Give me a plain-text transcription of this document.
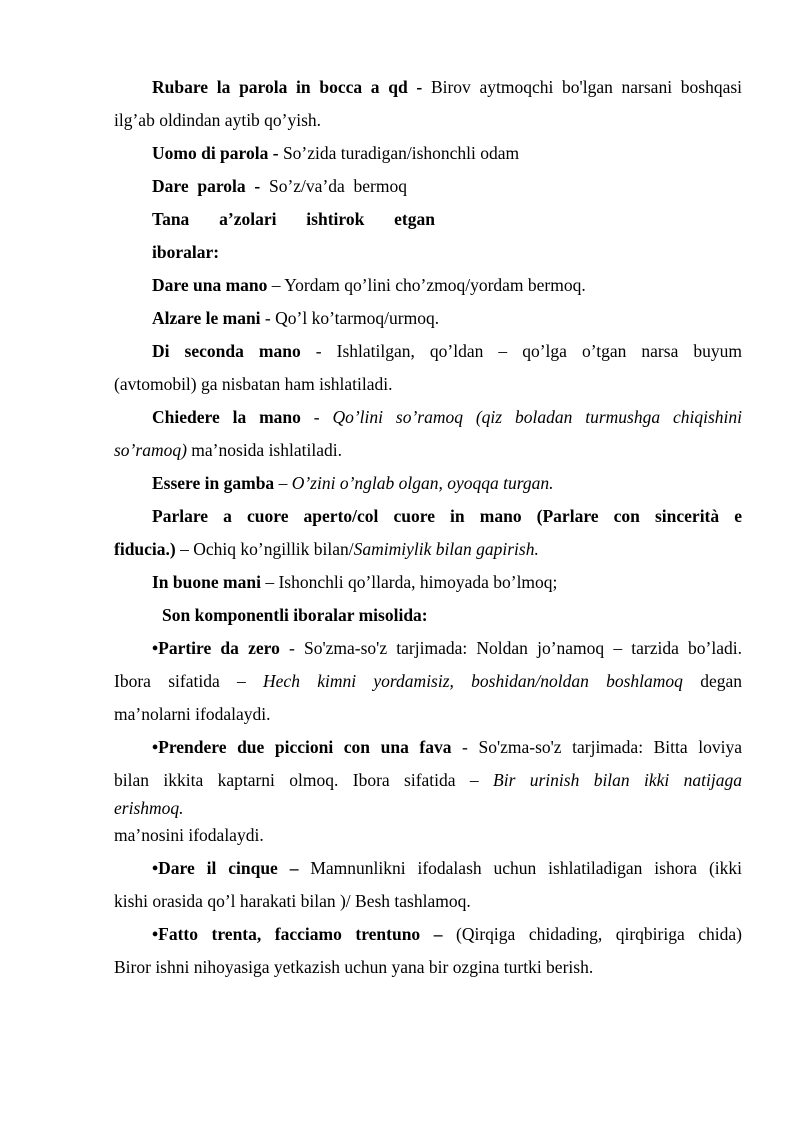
Rubare la parola in bocca a qd - Birov aytmoqchi bo'lgan narsani boshqasi
ilg’ab oldindan aytib qo’yish.
Uomo di parola - So’zida turadigan/ishonchli odam
Dare  parola  -  So’z/va’da  bermoq
Tana a’zolari ishtirok etgan
iboralar:
Dare una mano – Yordam qo’lini cho’zmoq/yordam bermoq.
Alzare le mani - Qo’l ko’tarmoq/urmoq.
Di seconda mano - Ishlatilgan, qo’ldan – qo’lga o’tgan narsa buyum
(avtomobil) ga nisbatan ham ishlatiladi.
Chiedere la mano - Qo’lini so’ramoq (qiz boladan turmushga chiqishini
so’ramoq) ma’nosida ishlatiladi.
Essere in gamba – O’zini o’nglab olgan, oyoqqa turgan.
Parlare a cuore aperto/col cuore in mano (Parlare con sincerità e
fiducia.) – Ochiq ko’ngillik bilan/Samimiylik bilan gapirish.
In buone mani – Ishonchli qo’llarda, himoyada bo’lmoq;
Son komponentli iboralar misolida:
•Partire da zero - So'zma-so'z tarjimada: Noldan jo’namoq – tarzida bo’ladi.
Ibora sifatida – Hech kimni yordamisiz, boshidan/noldan boshlamoq degan
ma’nolarni ifodalaydi.
•Prendere due piccioni con una fava - So'zma-so'z tarjimada: Bitta loviya
bilan ikkita kaptarni olmoq. Ibora sifatida – Bir urinish bilan ikki natijaga
erishmoq.
ma’nosini ifodalaydi.
•Dare il cinque – Mamnunlikni ifodalash uchun ishlatiladigan ishora (ikki
kishi orasida qo’l harakati bilan )/ Besh tashlamoq.
•Fatto trenta, facciamo trentuno – (Qirqiga chidading, qirqbiriga chida)
Biror ishni nihoyasiga yetkazish uchun yana bir ozgina turtki berish.
